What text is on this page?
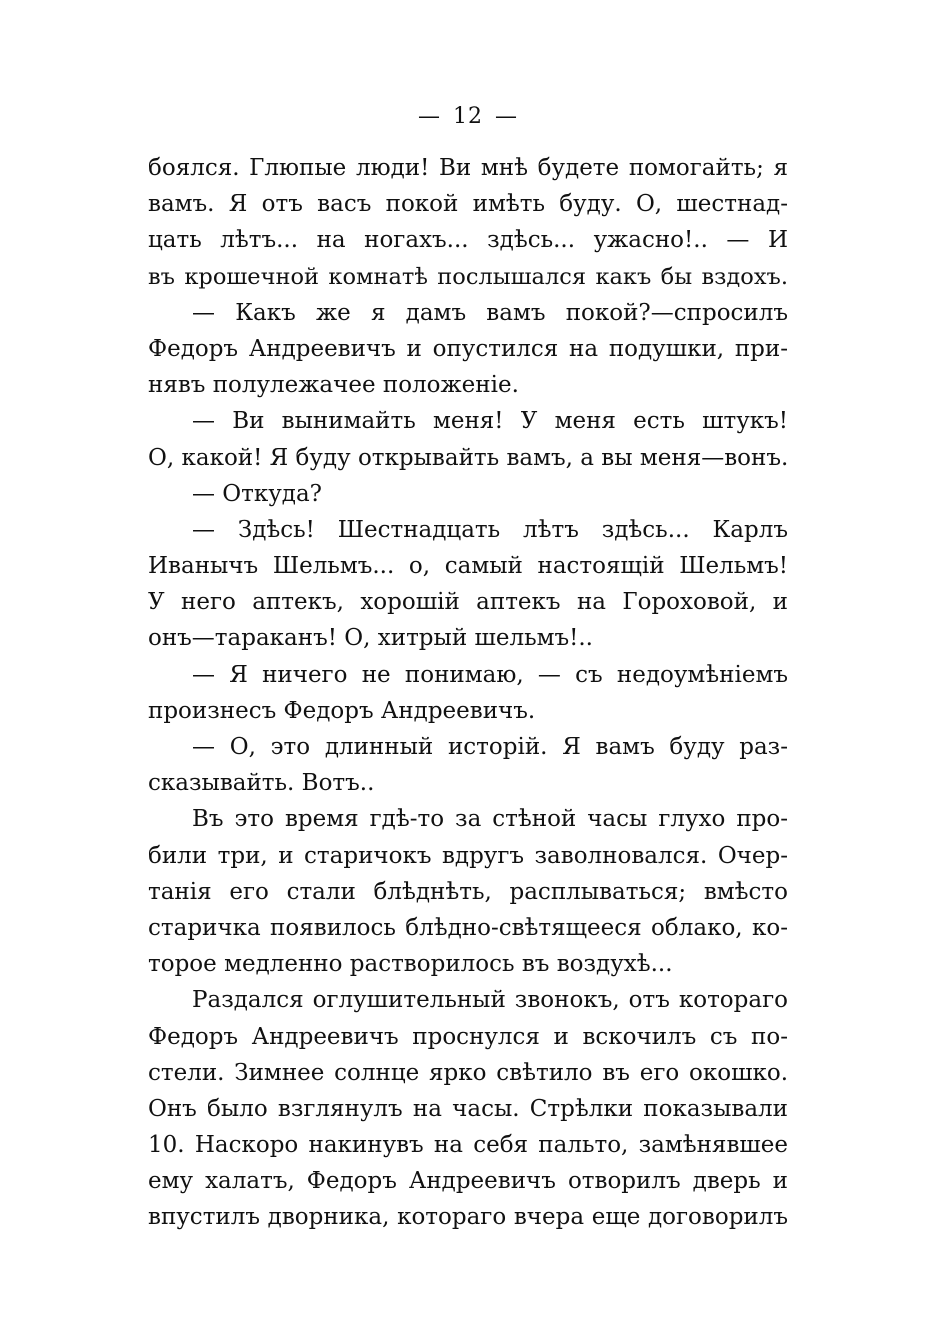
— 12 —
боялся. Глюпые люди! Ви мнѣ будете помогайть; я
вамъ. Я отъ васъ покой имѣть буду. О, шестнад-
цать лѣтъ... на ногахъ... здѣсь... ужасно!.. — И
въ крошечной комнатѣ послышался какъ бы вздохъ.
— Какъ же я дамъ вамъ покой?—спросилъ
Федоръ Андреевичъ и опустился на подушки, при-
нявъ полулежачее положеніе.
— Ви вынимайть меня! У меня есть штукъ!
О, какой! Я буду открывайть вамъ, а вы меня—вонъ.
— Откуда?
— Здѣсь! Шестнадцать лѣтъ здѣсь... Карлъ
Иванычъ Шельмъ... о, самый настоящій Шельмъ!
У него аптекъ, хорошій аптекъ на Гороховой, и
онъ—тараканъ! О, хитрый шельмъ!..
— Я ничего не понимаю, — съ недоумѣніемъ
произнесъ Федоръ Андреевичъ.
— О, это длинный исторій. Я вамъ буду раз-
сказывайть. Вотъ..
Въ это время гдѣ-то за стѣной часы глухо про-
били три, и старичокъ вдругъ заволновался. Очер-
танія его стали блѣднѣть, расплываться; вмѣсто
старичка появилось блѣдно-свѣтящееся облако, ко-
торое медленно растворилось въ воздухѣ...
Раздался оглушительный звонокъ, отъ котораго
Федоръ Андреевичъ проснулся и вскочилъ съ по-
стели. Зимнее солнце ярко свѣтило въ его окошко.
Онъ было взглянулъ на часы. Стрѣлки показывали
10. Наскоро накинувъ на себя пальто, замѣнявшее
ему халатъ, Федоръ Андреевичъ отворилъ дверь и
впустилъ дворника, котораго вчера еще договорилъ
